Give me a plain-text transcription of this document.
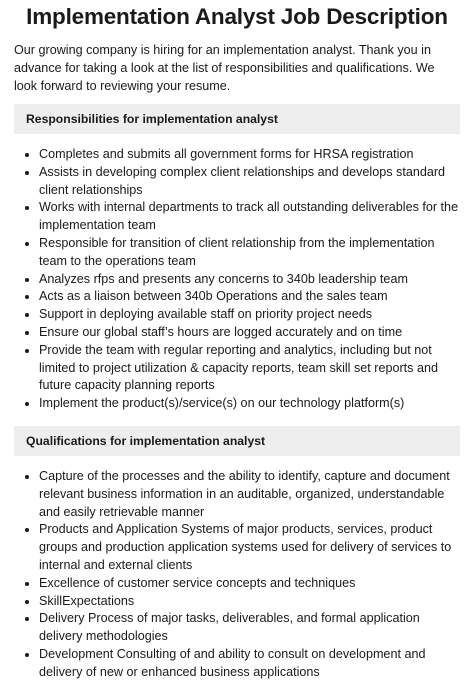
Implementation Analyst Job Description

Our growing company is hiring for an implementation analyst. Thank you in advance for taking a look at the list of responsibilities and qualifications. We look forward to reviewing your resume.

Responsibilities for implementation analyst
• Completes and submits all government forms for HRSA registration
• Assists in developing complex client relationships and develops standard client relationships
• Works with internal departments to track all outstanding deliverables for the implementation team
• Responsible for transition of client relationship from the implementation team to the operations team
• Analyzes rfps and presents any concerns to 340b leadership team
• Acts as a liaison between 340b Operations and the sales team
• Support in deploying available staff on priority project needs
• Ensure our global staff’s hours are logged accurately and on time
• Provide the team with regular reporting and analytics, including but not limited to project utilization & capacity reports, team skill set reports and future capacity planning reports
• Implement the product(s)/service(s) on our technology platform(s)
Qualifications for implementation analyst
• Capture of the processes and the ability to identify, capture and document relevant business information in an auditable, organized, understandable and easily retrievable manner
• Products and Application Systems of major products, services, product groups and production application systems used for delivery of services to internal and external clients
• Excellence of customer service concepts and techniques
• SkillExpectations
• Delivery Process of major tasks, deliverables, and formal application delivery methodologies
• Development Consulting of and ability to consult on development and delivery of new or enhanced business applications
